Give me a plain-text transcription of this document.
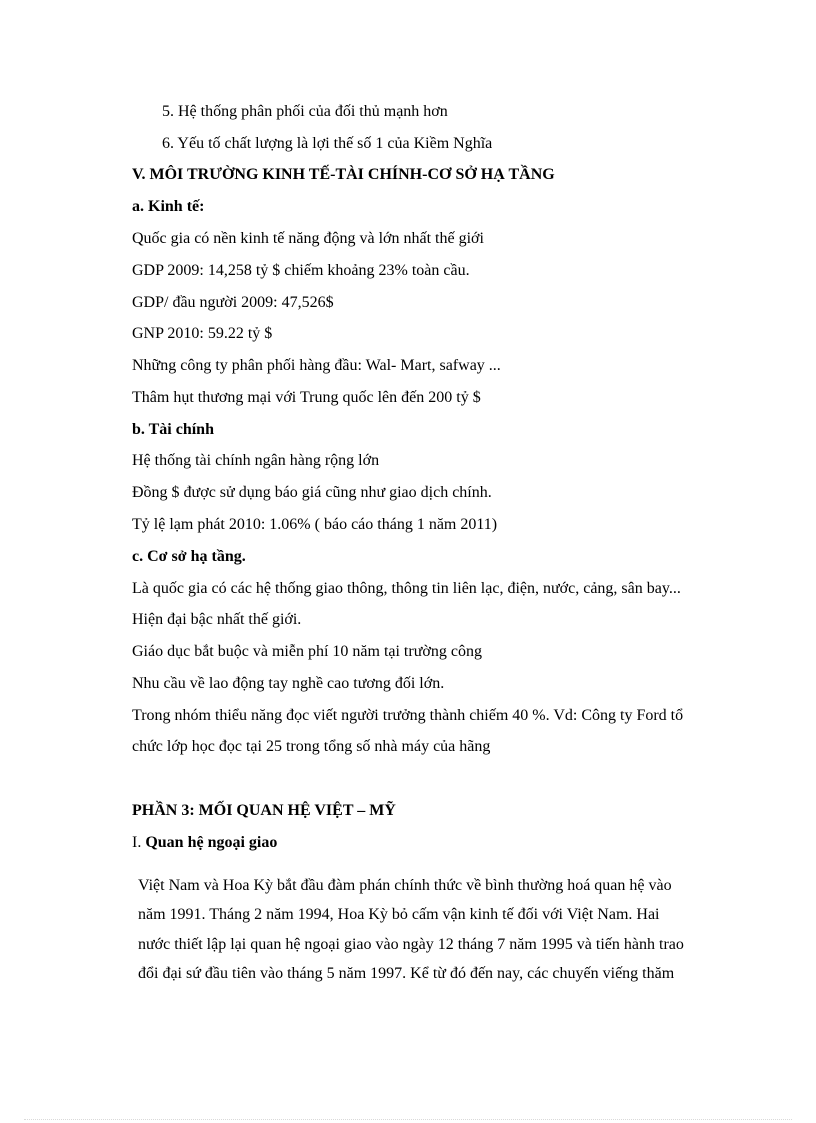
5. Hệ thống phân phối của đối thủ mạnh hơn
6. Yếu tố chất lượng là lợi thế số 1 của Kiềm Nghĩa
V. MÔI TRƯỜNG KINH TẾ-TÀI CHÍNH-CƠ SỞ HẠ TẦNG
a. Kinh tế:
Quốc gia có nền kinh tế năng động và lớn nhất thế giới
GDP 2009: 14,258 tỷ $ chiếm khoảng 23% toàn cầu.
GDP/ đầu người 2009: 47,526$
GNP 2010: 59.22 tỷ $
Những công ty phân phối hàng đầu: Wal- Mart, safway ...
Thâm hụt thương mại với Trung quốc lên đến 200 tỷ $
b. Tài chính
Hệ thống tài chính ngân hàng rộng lớn
Đồng $ được sử dụng báo giá cũng như giao dịch chính.
Tỷ lệ lạm phát 2010: 1.06% ( báo cáo tháng 1 năm 2011)
c. Cơ sở hạ tầng.
Là quốc gia có các hệ thống giao thông, thông tin liên lạc, điện, nước, cảng, sân bay...
Hiện đại bậc nhất thế giới.
Giáo dục bắt buộc và miễn phí 10 năm tại trường công
Nhu cầu về lao động tay nghề cao tương đối lớn.
Trong nhóm thiểu năng đọc viết người trưởng thành chiếm 40 %. Vd: Công ty Ford tổ
chức lớp học đọc tại 25 trong tổng số nhà máy của hãng
PHẦN 3: MỐI QUAN HỆ VIỆT – MỸ
I. Quan hệ ngoại giao
Việt Nam và Hoa Kỳ bắt đầu đàm phán chính thức về bình thường hoá quan hệ vào
năm 1991. Tháng 2 năm 1994, Hoa Kỳ bỏ cấm vận kinh tế đối với Việt Nam. Hai
nước thiết lập lại quan hệ ngoại giao vào ngày 12 tháng 7 năm 1995 và tiến hành trao
đổi đại sứ đầu tiên vào tháng 5 năm 1997. Kể từ đó đến nay, các chuyến viếng thăm
